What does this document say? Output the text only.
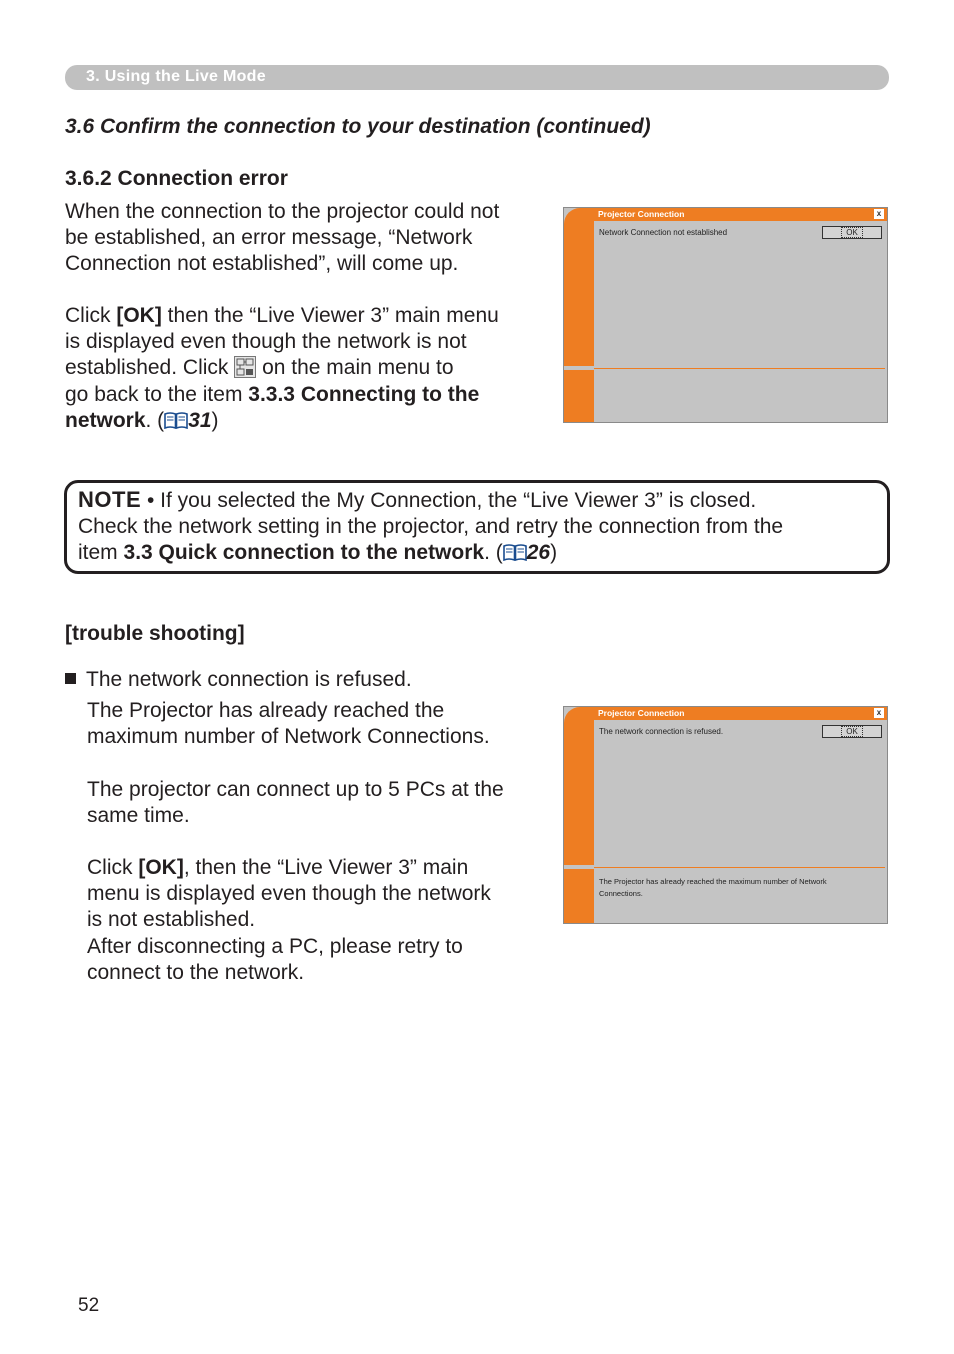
3. Using the Live Mode
3.6 Confirm the connection to your destination (continued)
3.6.2 Connection error
When the connection to the projector could not
be established, an error message, “Network
Connection not established”, will come up.
Click [OK] then the “Live Viewer 3” main menu
is displayed even though the network is not
established. Click  on the main menu to
go back to the item 3.3.3 Connecting to the
network. ( 31)
Projector Connection	x
Network Connection not established	OK
NOTE • If you selected the My Connection, the “Live Viewer 3” is closed.
Check the network setting in the projector, and retry the connection from the
item 3.3 Quick connection to the network. ( 26)
[trouble shooting]
The network connection is refused.
The Projector has already reached the
maximum number of Network Connections.
The projector can connect up to 5 PCs at the
same time.
Click [OK], then the “Live Viewer 3” main
menu is displayed even though the network
is not established.
After disconnecting a PC, please retry to
connect to the network.
Projector Connection	x
The network connection is refused.	OK
The Projector has already reached the maximum number of Network Connections.
52
